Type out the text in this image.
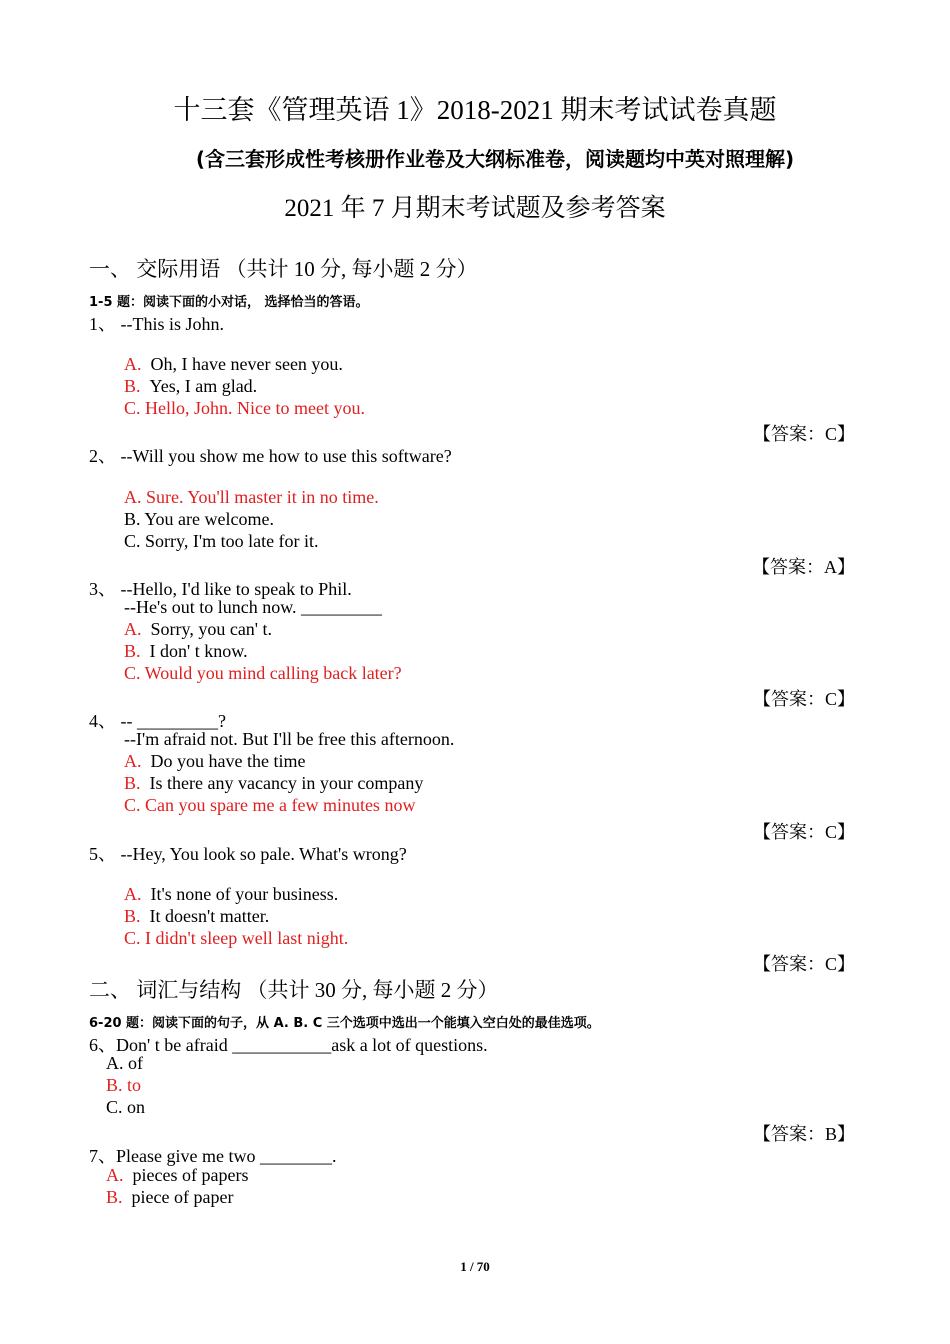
十三套《管理英语 1》2018-2021 期末考试试卷真题
(含三套形成性考核册作业卷及大纲标准卷，阅读题均中英对照理解)
2021 年 7 月期末考试题及参考答案
一、 交际用语 （共计 10 分, 每小题 2 分）
1-5 题：阅读下面的小对话， 选择恰当的答语。
1、 --This is John.
A.  Oh, I have never seen you.
B.  Yes, I am glad.
C. Hello, John. Nice to meet you.
【答案：C】
2、 --Will you show me how to use this software?
A. Sure. You'll master it in no time.
B. You are welcome.
C. Sorry, I'm too late for it.
【答案：A】
3、 --Hello, I'd like to speak to Phil.
--He's out to lunch now. _________
A.  Sorry, you can' t.
B.  I don' t know.
C. Would you mind calling back later?
【答案：C】
4、 -- _________?
--I'm afraid not. But I'll be free this afternoon.
A.  Do you have the time
B.  Is there any vacancy in your company
C. Can you spare me a few minutes now
【答案：C】
5、 --Hey, You look so pale. What's wrong?
A.  It's none of your business.
B.  It doesn't matter.
C. I didn't sleep well last night.
【答案：C】
二、 词汇与结构 （共计 30 分, 每小题 2 分）
6-20 题：阅读下面的句子，从 A. B. C 三个选项中选出一个能填入空白处的最佳选项。
6、Don' t be afraid ___________ask a lot of questions.
A. of
B. to
C. on
【答案：B】
7、Please give me two ________.
A.  pieces of papers
B.  piece of paper
1 / 70
